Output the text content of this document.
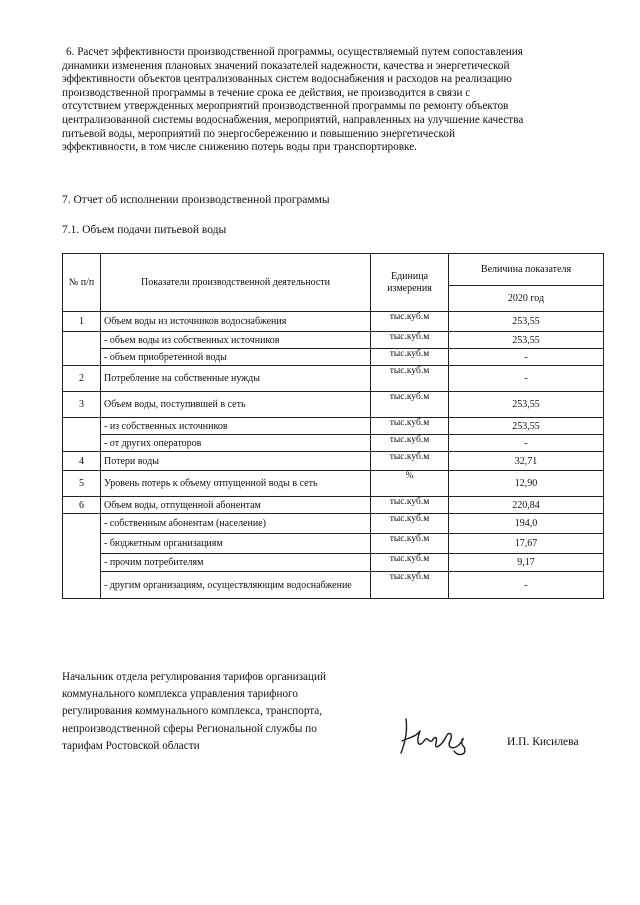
6. Расчет эффективности производственной программы, осуществляемый путем сопоставления
динамики изменения плановых значений показателей надежности, качества и энергетической
эффективности объектов централизованных систем водоснабжения и расходов на реализацию
производственной программы в течение срока ее действия, не производится в связи с
отсутствием утвержденных мероприятий производственной программы по ремонту объектов
централизованной системы водоснабжения, мероприятий, направленных на улучшение качества
питьевой воды, мероприятий по энергосбережению и повышению энергетической
эффективности, в том числе снижению потерь воды при транспортировке.
7. Отчет об исполнении производственной программы
7.1. Объем подачи питьевой воды
№ п/п	Показатели производственной деятельности	Единица измерения	Величина показателя
			2020 год
1	Объем воды из источников водоснабжения	тыс.куб.м	253,55
	- объем воды из собственных источников	тыс.куб.м	253,55
	- объем приобретенной воды	тыс.куб.м	-
2	Потребление на собственные нужды	тыс.куб.м	-
3	Объем воды, поступившей в сеть	тыс.куб.м	253,55
	- из собственных источников	тыс.куб.м	253,55
	- от других операторов	тыс.куб.м	-
4	Потери воды	тыс.куб.м	32,71
5	Уровень потерь к объему отпущенной воды в сеть	%	12,90
6	Объем воды, отпущенной абонентам	тыс.куб.м	220,84
	- собственным абонентам (население)	тыс.куб.м	194,0
	- бюджетным организациям	тыс.куб.м	17,67
	- прочим потребителям	тыс.куб.м	9,17
	- другим организациям, осуществляющим водоснабжение	тыс.куб.м	-
Начальник отдела регулирования тарифов организаций
коммунального комплекса управления тарифного
регулирования коммунального комплекса, транспорта,
непроизводственной сферы Региональной службы по
тарифам Ростовской области	И.П. Кисилева
